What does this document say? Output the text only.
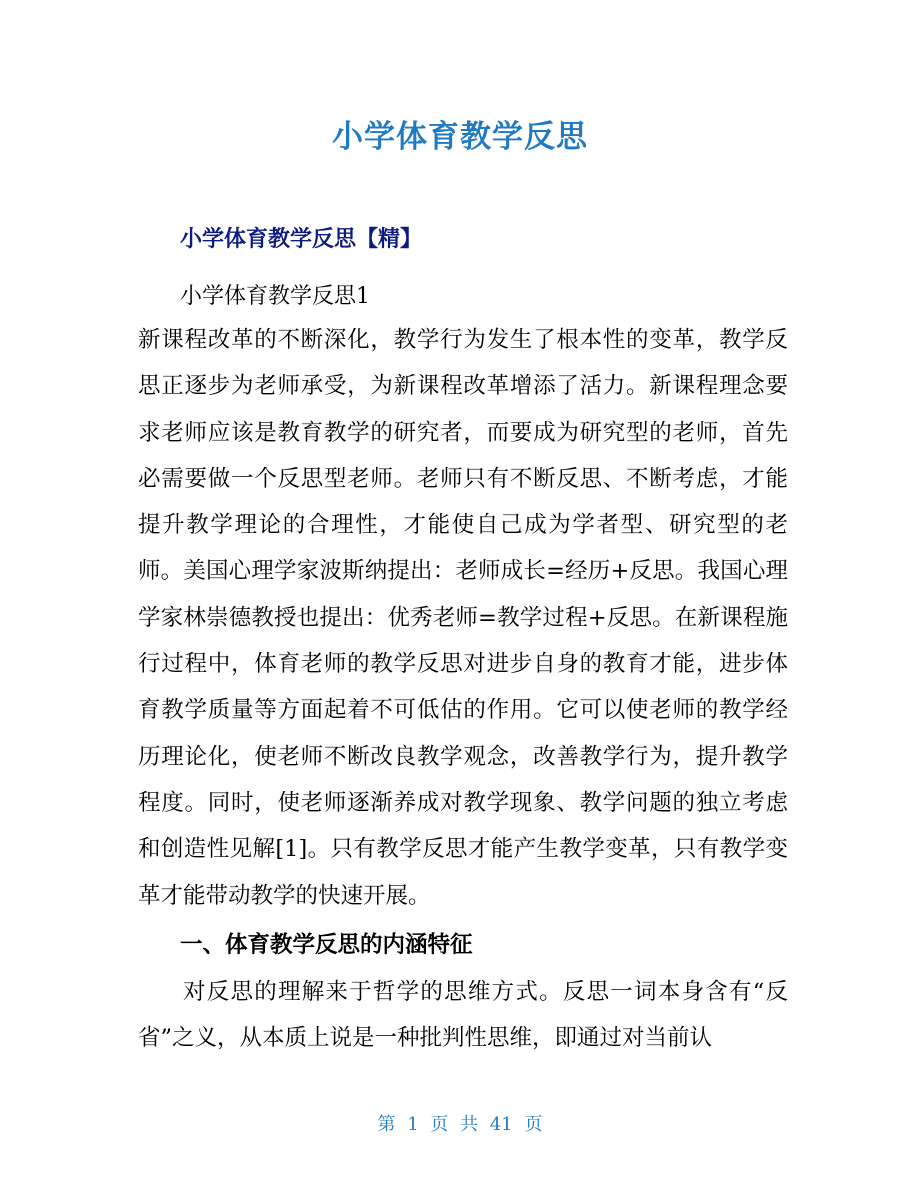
小学体育教学反思
小学体育教学反思【精】
小学体育教学反思1

新课程改革的不断深化，教学行为发生了根本性的变革，教学反思正逐步为老师承受，为新课程改革增添了活力。新课程理念要求老师应该是教育教学的研究者，而要成为研究型的老师，首先必需要做一个反思型老师。老师只有不断反思、不断考虑，才能提升教学理论的合理性，才能使自己成为学者型、研究型的老师。美国心理学家波斯纳提出：老师成长=经历+反思。我国心理学家林崇德教授也提出：优秀老师=教学过程+反思。在新课程施行过程中，体育老师的教学反思对进步自身的教育才能，进步体育教学质量等方面起着不可低估的作用。它可以使老师的教学经历理论化，使老师不断改良教学观念，改善教学行为，提升教学程度。同时，使老师逐渐养成对教学现象、教学问题的独立考虑和创造性见解[1]。只有教学反思才能产生教学变革，只有教学变革才能带动教学的快速开展。

一、体育教学反思的内涵特征

对反思的理解来于哲学的思维方式。反思一词本身含有“反省”之义，从本质上说是一种批判性思维，即通过对当前认

第 1 页 共 41 页
